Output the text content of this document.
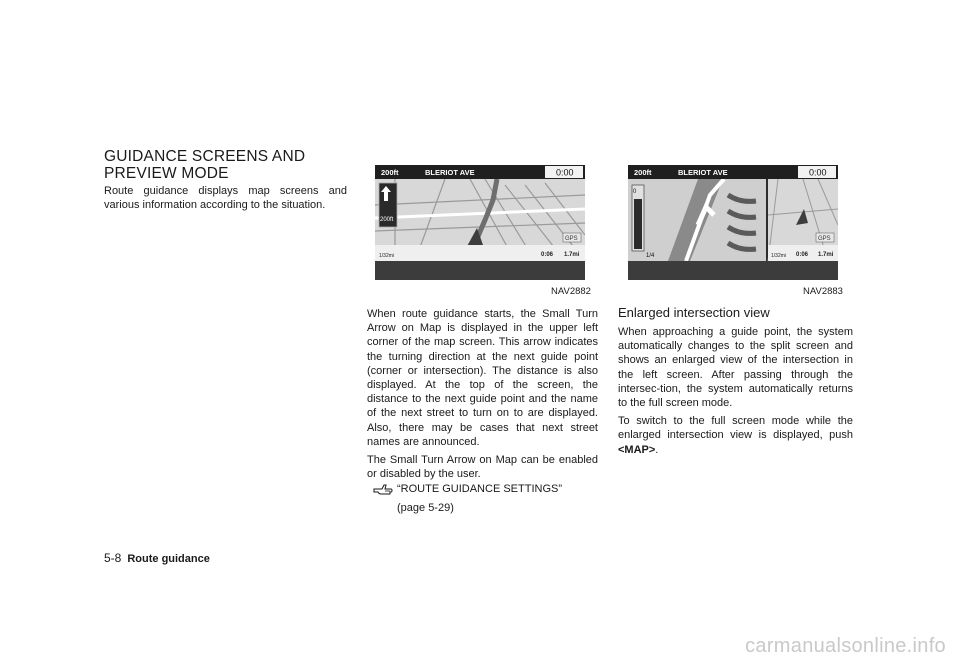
GUIDANCE SCREENS AND PREVIEW MODE

Route guidance displays map screens and various information according to the situation.

200ft	BLERIOT AVE	0:00
200ft
GPS
1/32mi	0:06 1.7mi
NAV2882
0
1/4
200ft	BLERIOT AVE	0:00
GPS
1/32mi 0:06 1.7mi
NAV2883

When route guidance starts, the Small Turn Arrow on Map is displayed in the upper left corner of the map screen. This arrow indicates the turning direction at the next guide point (corner or intersection). The distance is also displayed. At the top of the screen, the distance to the next guide point and the name of the next street to turn on to are displayed. Also, there may be cases that next street names are announced.

The Small Turn Arrow on Map can be enabled or disabled by the user.

“ROUTE GUIDANCE SETTINGS”
(page 5-29)
Enlarged intersection view

When approaching a guide point, the system automatically changes to the split screen and shows an enlarged view of the intersection in the left screen. After passing through the intersec-tion, the system automatically returns to the full screen mode.

To switch to the full screen mode while the enlarged intersection view is displayed, push <MAP>.

5-8 Route guidance
carmanualsonline.info
